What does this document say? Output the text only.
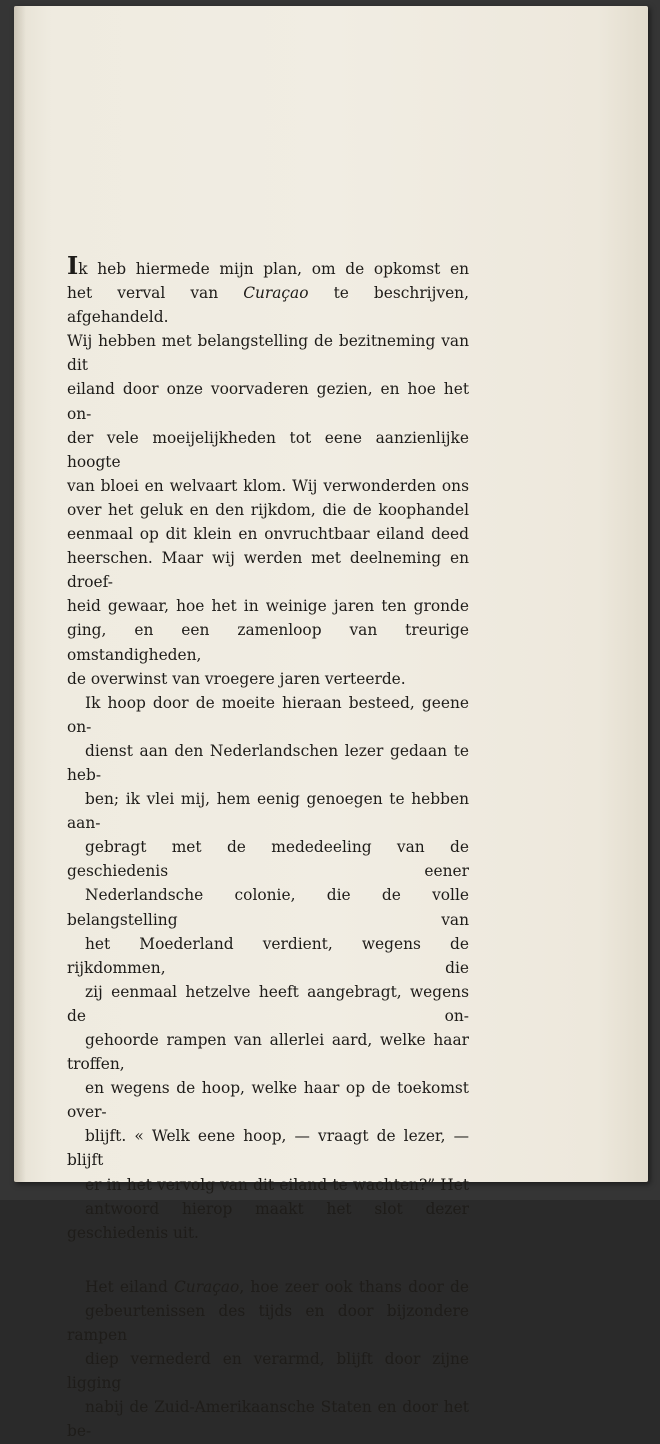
Ik heb hiermede mijn plan, om de opkomst en
het verval van Curaçao te beschrijven, afgehandeld.
Wij hebben met belangstelling de bezitneming van dit
eiland door onze voorvaderen gezien, en hoe het on-
der vele moeijelijkheden tot eene aanzienlijke hoogte
van bloei en welvaart klom. Wij verwonderden ons
over het geluk en den rijkdom, die de koophandel
eenmaal op dit klein en onvruchtbaar eiland deed
heerschen. Maar wij werden met deelneming en droef-
heid gewaar, hoe het in weinige jaren ten gronde
ging, en een zamenloop van treurige omstandigheden,
de overwinst van vroegere jaren verteerde.
Ik hoop door de moeite hieraan besteed, geene on-
dienst aan den Nederlandschen lezer gedaan te heb-
ben; ik vlei mij, hem eenig genoegen te hebben aan-
gebragt met de mededeeling van de geschiedenis eener
Nederlandsche colonie, die de volle belangstelling van
het Moederland verdient, wegens de rijkdommen, die
zij eenmaal hetzelve heeft aangebragt, wegens de on-
gehoorde rampen van allerlei aard, welke haar troffen,
en wegens de hoop, welke haar op de toekomst over-
blijft. « Welk eene hoop, — vraagt de lezer, — blijft
er in het vervolg van dit eiland te wachten?” Het
antwoord hierop maakt het slot dezer geschiedenis uit.
Het eiland Curaçao, hoe zeer ook thans door de
gebeurtenissen des tijds en door bijzondere rampen
diep vernederd en verarmd, blijft door zijne ligging
nabij de Zuid-Amerikaansche Staten en door het be-
